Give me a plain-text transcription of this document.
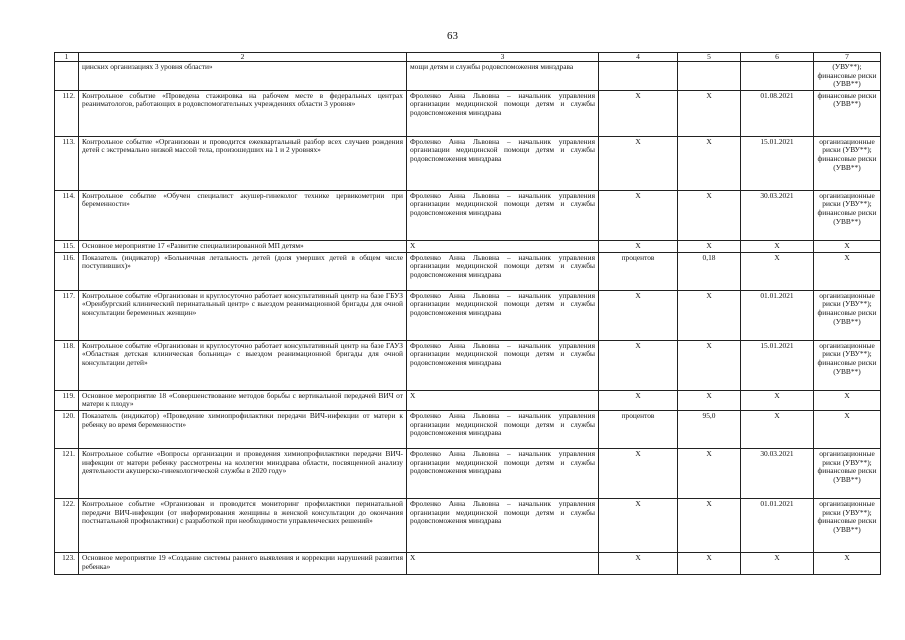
63
1	2	3	4	5	6	7
	цинских организациях 3 уровня области»	мощи детям и службы родовспоможения минздрава				(УВУ**); финансовые риски (УВВ**)
112.	Контрольное событие «Проведена стажировка на рабочем месте в федеральных центрах реаниматологов, работающих в родовспомогательных учреждениях области 3 уровня»	Фроленко Анна Львовна – начальник управления организации медицинской помощи детям и службы родовспоможения минздрава	X	X	01.08.2021	финансовые риски (УВВ**)
113.	Контрольное событие «Организован и проводится ежеквартальный разбор всех случаев рождения детей с экстремально низкой массой тела, произошедших на 1 и 2 уровнях»	Фроленко Анна Львовна – начальник управления организации медицинской помощи детям и службы родовспоможения минздрава	X	X	15.01.2021	организационные риски (УВУ**); финансовые риски (УВВ**)
114.	Контрольное событие «Обучен специалист акушер-гинеколог технике цервикометрии при беременности»	Фроленко Анна Львовна – начальник управления организации медицинской помощи детям и службы родовспоможения минздрава	X	X	30.03.2021	организационные риски (УВУ**); финансовые риски (УВВ**)
115.	Основное мероприятие 17 «Развитие специализированной МП детям»	X	X	X	X	X
116.	Показатель (индикатор) «Больничная летальность детей (доля умерших детей в общем числе поступивших)»	Фроленко Анна Львовна – начальник управления организации медицинской помощи детям и службы родовспоможения минздрава	процентов	0,18	X	X
117.	Контрольное событие «Организован и круглосуточно работает консультативный центр на базе ГБУЗ «Оренбургский клинический перинатальный центр» с выездом реанимационной бригады для очной консультации беременных женщин»	Фроленко Анна Львовна – начальник управления организации медицинской помощи детям и службы родовспоможения минздрава	X	X	01.01.2021	организационные риски (УВУ**); финансовые риски (УВВ**)
118.	Контрольное событие «Организован и круглосуточно работает консультативный центр на базе ГАУЗ «Областная детская клиническая больница» с выездом реанимационной бригады для очной консультации детей»	Фроленко Анна Львовна – начальник управления организации медицинской помощи детям и службы родовспоможения минздрава	X	X	15.01.2021	организационные риски (УВУ**); финансовые риски (УВВ**)
119.	Основное мероприятие 18 «Совершенствование методов борьбы с вертикальной передачей ВИЧ от матери к плоду»	X	X	X	X	X
120.	Показатель (индикатор) «Проведение химиопрофилактики передачи ВИЧ-инфекции от матери к ребенку во время беременности»	Фроленко Анна Львовна – начальник управления организации медицинской помощи детям и службы родовспоможения минздрава	процентов	95,0	X	X
121.	Контрольное событие «Вопросы организации и проведения химиопрофилактики передачи ВИЧ-инфекции от матери ребенку рассмотрены на коллегии минздрава области, посвященной анализу деятельности акушерско-гинекологической службы в 2020 году»	Фроленко Анна Львовна – начальник управления организации медицинской помощи детям и службы родовспоможения минздрава	X	X	30.03.2021	организационные риски (УВУ**); финансовые риски (УВВ**)
122.	Контрольное событие «Организован и проводится мониторинг профилактики перинатальной передачи ВИЧ-инфекции (от информирования женщины в женской консультации до окончания постнатальной профилактики) с разработкой при необходимости управленческих решений»	Фроленко Анна Львовна – начальник управления организации медицинской помощи детям и службы родовспоможения минздрава	X	X	01.01.2021	организационные риски (УВУ**); финансовые риски (УВВ**)
123.	Основное мероприятие 19 «Создание системы раннего выявления и коррекции нарушений развития ребенка»	X	X	X	X	X
